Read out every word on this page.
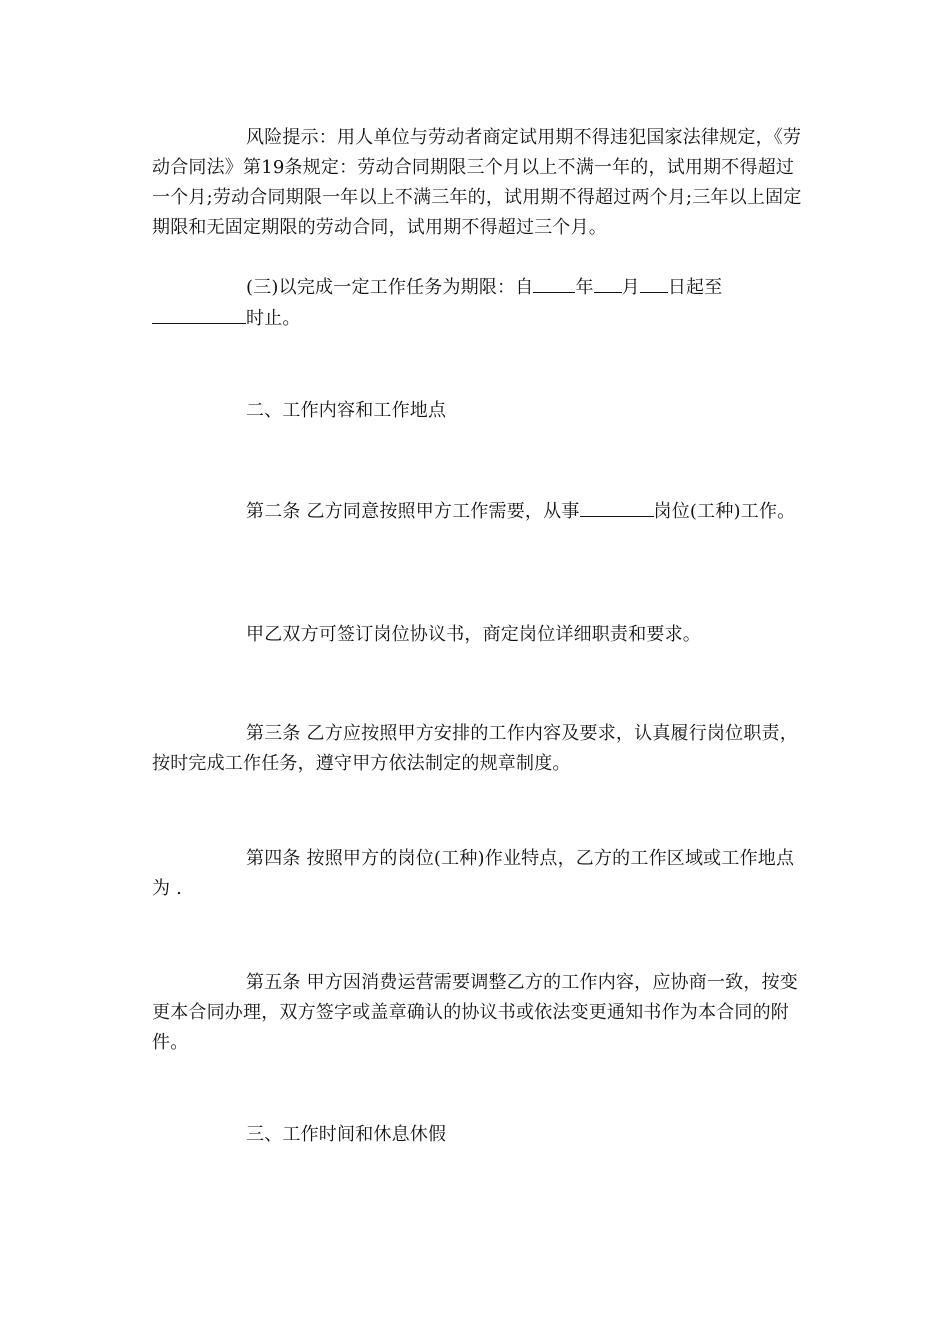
风险提示：用人单位与劳动者商定试用期不得违犯国家法律规定，《劳动合同法》第19条规定：劳动合同期限三个月以上不满一年的，试用期不得超过一个月;劳动合同期限一年以上不满三年的，试用期不得超过两个月;三年以上固定期限和无固定期限的劳动合同，试用期不得超过三个月。

(三)以完成一定工作任务为期限：自 年 月 日起至时止。

二、工作内容和工作地点

第二条 乙方同意按照甲方工作需要，从事	岗位(工种)工作。

甲乙双方可签订岗位协议书，商定岗位详细职责和要求。

第三条 乙方应按照甲方安排的工作内容及要求，认真履行岗位职责，按时完成工作任务，遵守甲方依法制定的规章制度。

第四条 按照甲方的岗位(工种)作业特点，乙方的工作区域或工作地点为 .

第五条 甲方因消费运营需要调整乙方的工作内容，应协商一致，按变更本合同办理，双方签字或盖章确认的协议书或依法变更通知书作为本合同的附件。

三、工作时间和休息休假
